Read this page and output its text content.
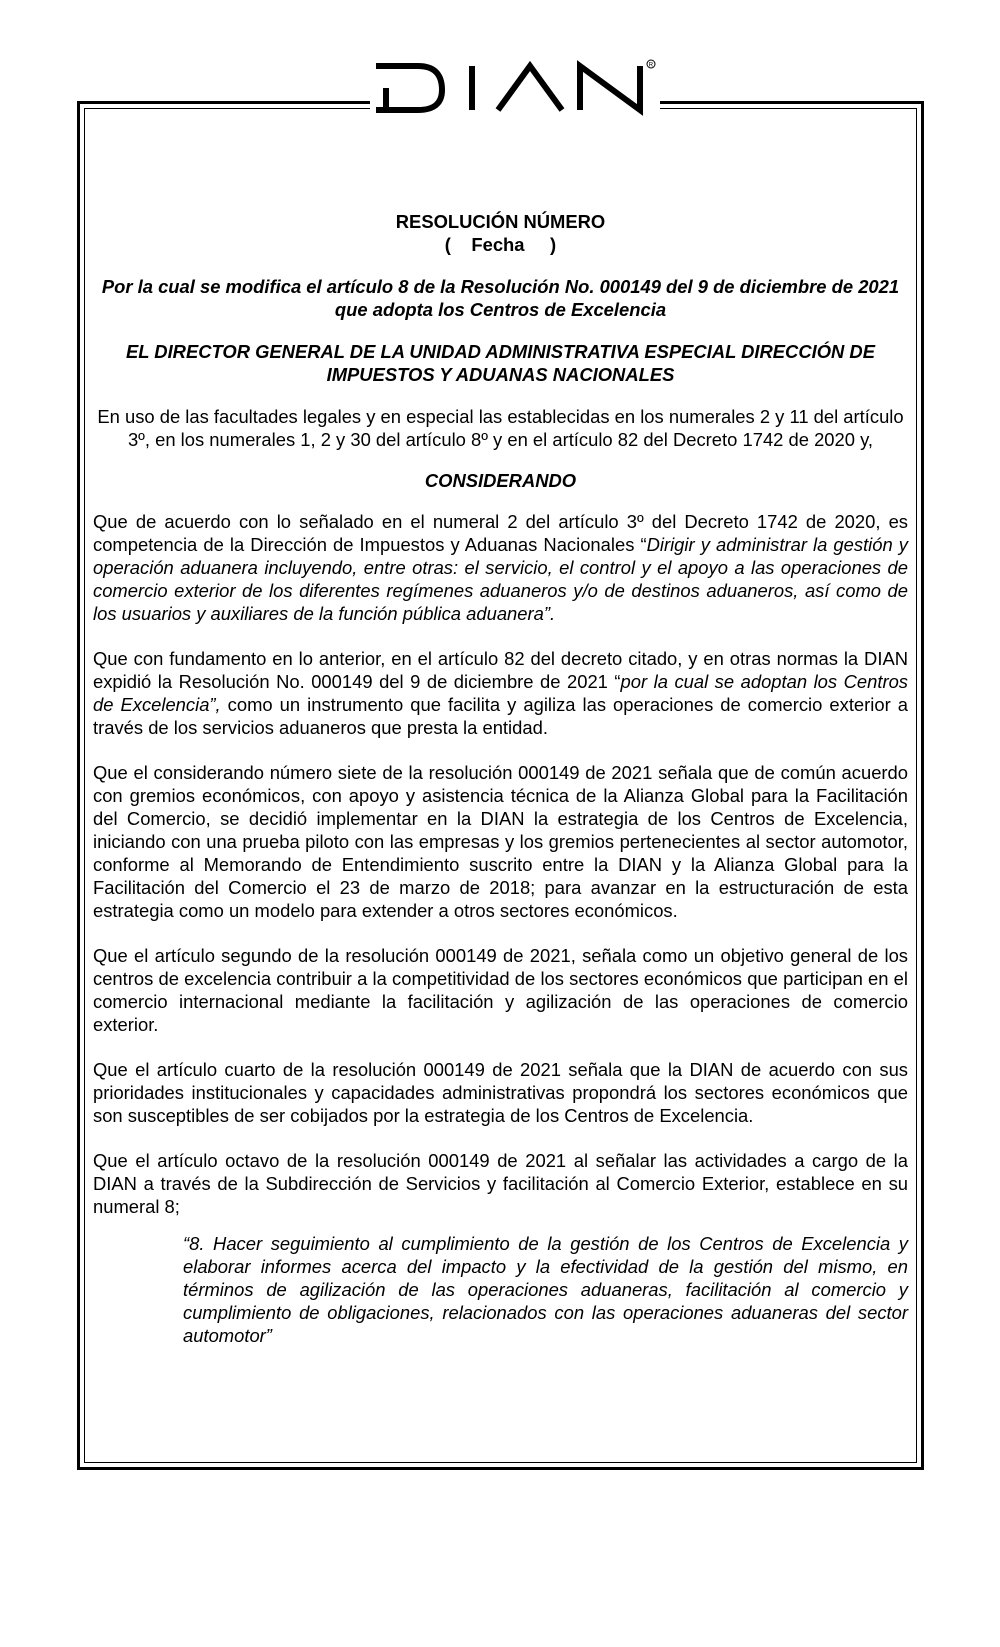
R

RESOLUCIÓN NÚMERO

(    Fecha     )

Por la cual se modifica el artículo 8 de la Resolución No. 000149 del 9 de diciembre de 2021 que adopta los Centros de Excelencia

EL DIRECTOR GENERAL DE LA UNIDAD ADMINISTRATIVA ESPECIAL DIRECCIÓN DE IMPUESTOS Y ADUANAS NACIONALES

En uso de las facultades legales y en especial las establecidas en los numerales 2 y 11 del artículo 3º, en los numerales 1, 2 y 30 del artículo 8º y en el artículo 82 del Decreto 1742 de 2020 y,

CONSIDERANDO

Que de acuerdo con lo señalado en el numeral 2 del artículo 3º del Decreto 1742 de 2020, es competencia de la Dirección de Impuestos y Aduanas Nacionales “Dirigir y administrar la gestión y operación aduanera incluyendo, entre otras: el servicio, el control y el apoyo a las operaciones de comercio exterior de los diferentes regímenes aduaneros y/o de destinos aduaneros, así como de los usuarios y auxiliares de la función pública aduanera”.

Que con fundamento en lo anterior, en el artículo 82 del decreto citado, y en otras normas la DIAN expidió la Resolución No. 000149 del 9 de diciembre de 2021 “por la cual se adoptan los Centros de Excelencia”, como un instrumento que facilita y agiliza las operaciones de comercio exterior a través de los servicios aduaneros que presta la entidad.

Que el considerando número siete de la resolución 000149 de 2021 señala que de común acuerdo con gremios económicos, con apoyo y asistencia técnica de la Alianza Global para la Facilitación del Comercio, se decidió implementar en la DIAN la estrategia de los Centros de Excelencia, iniciando con una prueba piloto con las empresas y los gremios pertenecientes al sector automotor, conforme al Memorando de Entendimiento suscrito entre la DIAN y la Alianza Global para la Facilitación del Comercio el 23 de marzo de 2018; para avanzar en la estructuración de esta estrategia como un modelo para extender a otros sectores económicos.

Que el artículo segundo de la resolución 000149 de 2021, señala como un objetivo general de los centros de excelencia contribuir a la competitividad de los sectores económicos que participan en el comercio internacional mediante la facilitación y agilización de las operaciones de comercio exterior.

Que el artículo cuarto de la resolución 000149 de 2021 señala que la DIAN de acuerdo con sus prioridades institucionales y capacidades administrativas propondrá los sectores económicos que son susceptibles de ser cobijados por la estrategia de los Centros de Excelencia.

Que el artículo octavo de la resolución 000149 de 2021 al señalar las actividades a cargo de la DIAN a través de la Subdirección de Servicios y facilitación al Comercio Exterior, establece en su numeral 8;

“8. Hacer seguimiento al cumplimiento de la gestión de los Centros de Excelencia y elaborar informes acerca del impacto y la efectividad de la gestión del mismo, en términos de agilización de las operaciones aduaneras, facilitación al comercio y cumplimiento de obligaciones, relacionados con las operaciones aduaneras del sector automotor”
